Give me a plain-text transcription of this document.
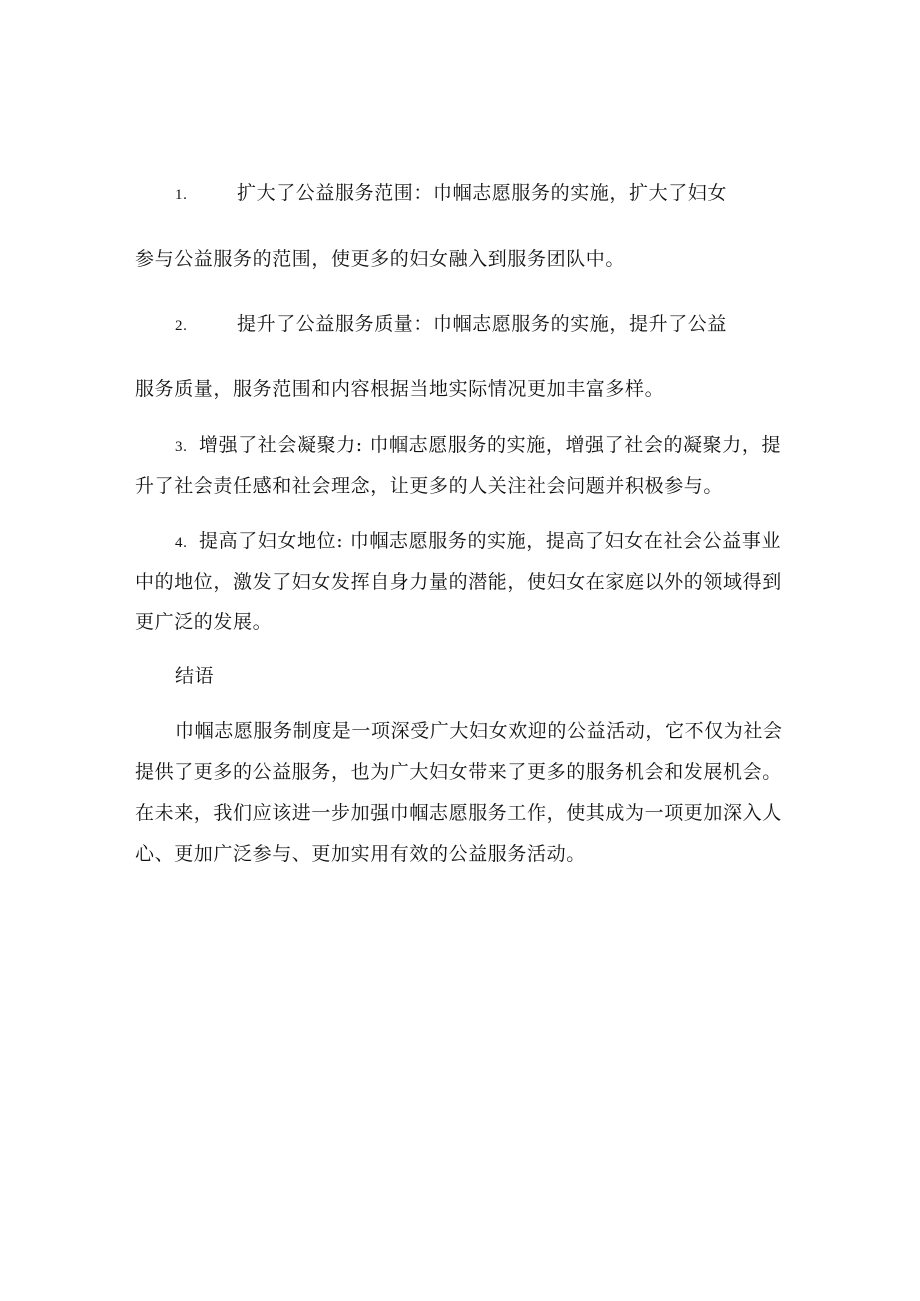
1.	扩大了公益服务范围：巾帼志愿服务的实施，扩大了妇女
参与公益服务的范围，使更多的妇女融入到服务团队中。
2.	提升了公益服务质量：巾帼志愿服务的实施，提升了公益
服务质量，服务范围和内容根据当地实际情况更加丰富多样。
3. 增强了社会凝聚力: 巾帼志愿服务的实施，增强了社会的凝聚力，提
升了社会责任感和社会理念，让更多的人关注社会问题并积极参与。
4. 提高了妇女地位: 巾帼志愿服务的实施，提高了妇女在社会公益事业
中的地位，激发了妇女发挥自身力量的潜能，使妇女在家庭以外的领域得到
更广泛的发展。
结语
巾帼志愿服务制度是一项深受广大妇女欢迎的公益活动，它不仅为社会
提供了更多的公益服务，也为广大妇女带来了更多的服务机会和发展机会。
在未来，我们应该进一步加强巾帼志愿服务工作，使其成为一项更加深入人
心、更加广泛参与、更加实用有效的公益服务活动。
